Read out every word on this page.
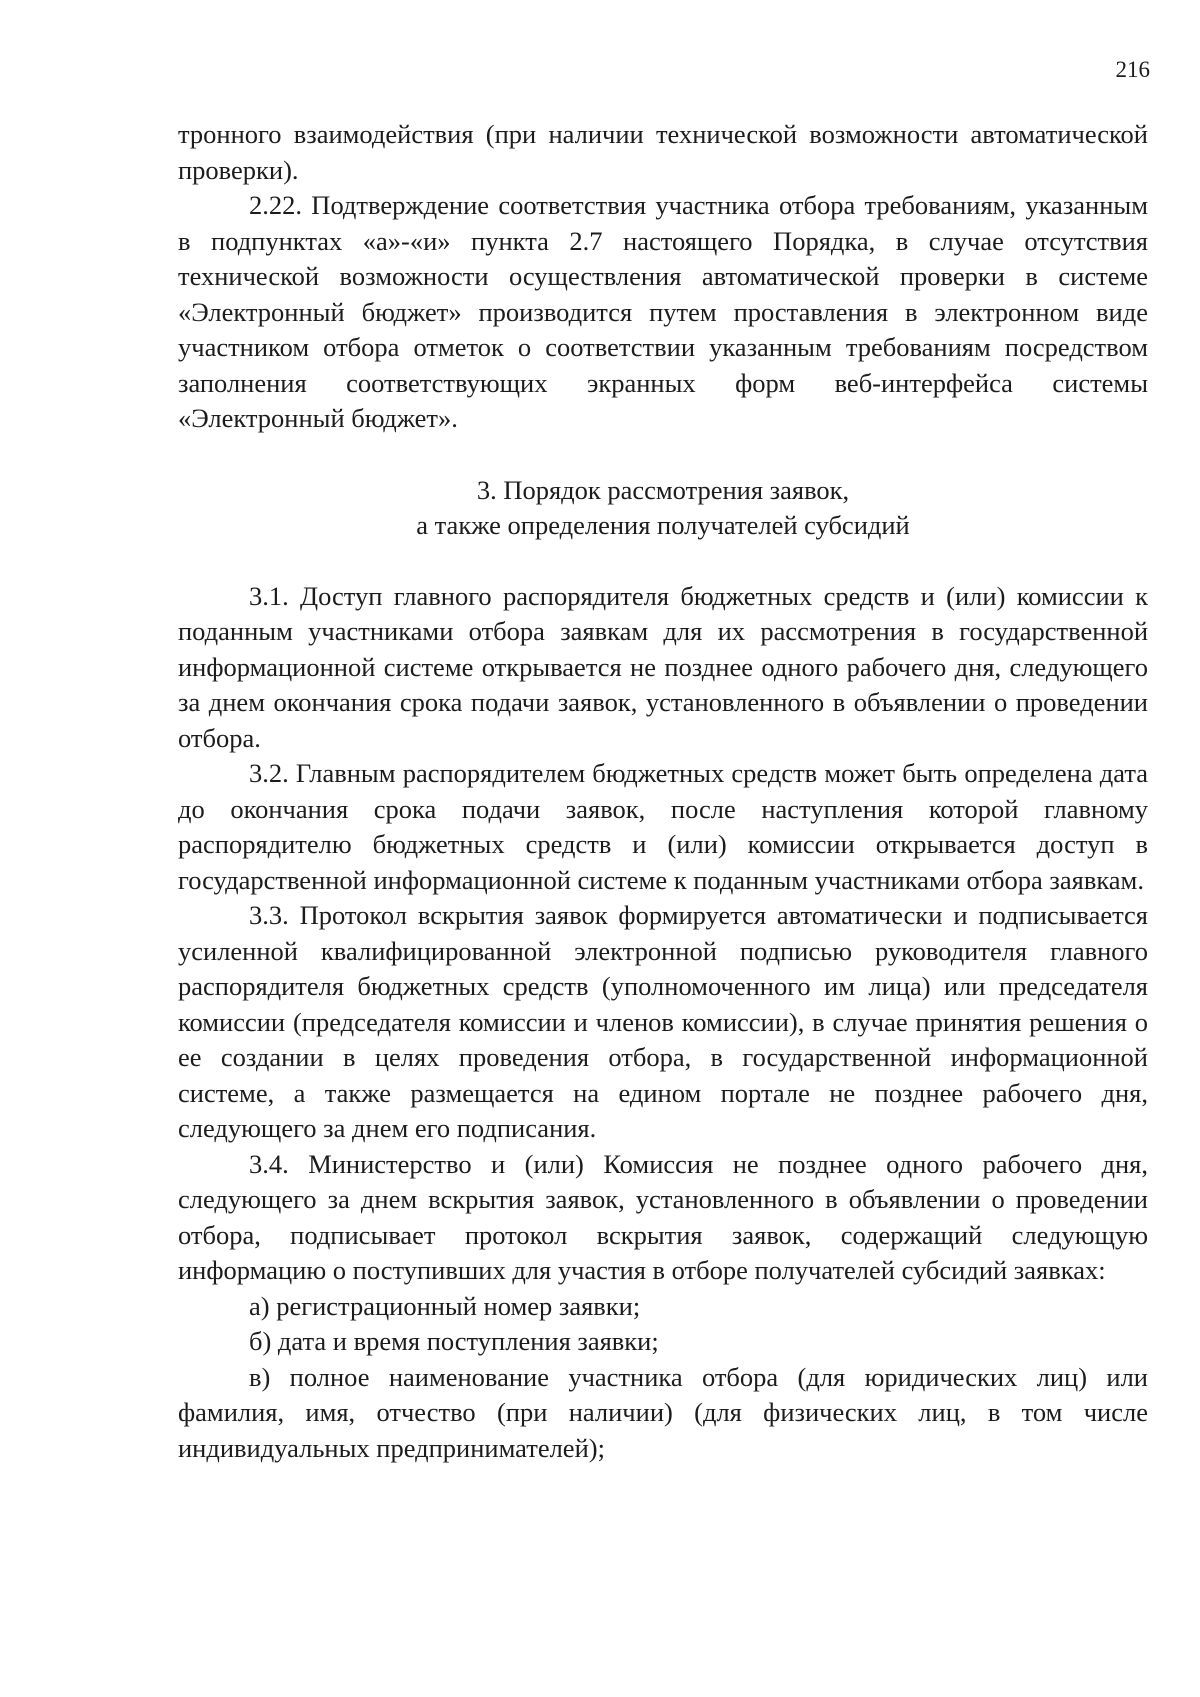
216

тронного взаимодействия (при наличии технической возможности автоматической проверки).

2.22. Подтверждение соответствия участника отбора требованиям, указанным в подпунктах «а»-«и» пункта 2.7 настоящего Порядка, в случае отсутствия технической возможности осуществления автоматической проверки в системе «Электронный бюджет» производится путем проставления в электронном виде участником отбора отметок о соответствии указанным требованиям посредством заполнения соответствующих экранных форм веб-интерфейса системы «Электронный бюджет».

3. Порядок рассмотрения заявок,
а также определения получателей субсидий

3.1. Доступ главного распорядителя бюджетных средств и (или) комиссии к поданным участниками отбора заявкам для их рассмотрения в государственной информационной системе открывается не позднее одного рабочего дня, следующего за днем окончания срока подачи заявок, установленного в объявлении о проведении отбора.

3.2. Главным распорядителем бюджетных средств может быть определена дата до окончания срока подачи заявок, после наступления которой главному распорядителю бюджетных средств и (или) комиссии открывается доступ в государственной информационной системе к поданным участниками отбора заявкам.

3.3. Протокол вскрытия заявок формируется автоматически и подписывается усиленной квалифицированной электронной подписью руководителя главного распорядителя бюджетных средств (уполномоченного им лица) или председателя комиссии (председателя комиссии и членов комиссии), в случае принятия решения о ее создании в целях проведения отбора, в государственной информационной системе, а также размещается на едином портале не позднее рабочего дня, следующего за днем его подписания.

3.4. Министерство и (или) Комиссия не позднее одного рабочего дня, следующего за днем вскрытия заявок, установленного в объявлении о проведении отбора, подписывает протокол вскрытия заявок, содержащий следующую информацию о поступивших для участия в отборе получателей субсидий заявках:

а) регистрационный номер заявки;

б) дата и время поступления заявки;

в) полное наименование участника отбора (для юридических лиц) или фамилия, имя, отчество (при наличии) (для физических лиц, в том числе индивидуальных предпринимателей);
